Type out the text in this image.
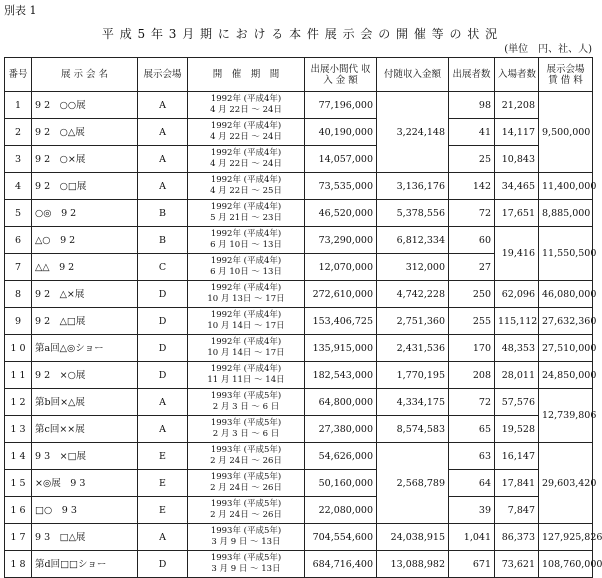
別表 1
平 成 5 年 3 月 期 に お け る 本 件 展 示 会 の 開 催 等 の 状 況
(単位　円、社、人)
番号	展 示 会 名	展示会場	開　催　期　間	出展小間代 収 入 金 額	付随収入金額	出展者数	入場者数	展示会場 賃 借 料
1	9 2　○○展	A	1992年 (平成4年)
4 月 22日 ～ 24日	77,196,000	3,224,148	98	21,208	9,500,000
2	9 2　○△展	A	1992年 (平成4年)
4 月 22日 ～ 24日	40,190,000		41	14,117	
3	9 2　○×展	A	1992年 (平成4年)
4 月 22日 ～ 24日	14,057,000		25	10,843	
4	9 2　○□展	A	1992年 (平成4年)
4 月 22日 ～ 25日	73,535,000	3,136,176	142	34,465	11,400,000
5	○◎　9 2	B	1992年 (平成4年)
5 月 21日 ～ 23日	46,520,000	5,378,556	72	17,651	8,885,000
6	△○　9 2	B	1992年 (平成4年)
6 月 10日 ～ 13日	73,290,000	6,812,334	60	19,416	11,550,500
7	△△　9 2	C	1992年 (平成4年)
6 月 10日 ～ 13日	12,070,000	312,000	27		
8	9 2　△×展	D	1992年 (平成4年)
10 月 13日 ～ 17日	272,610,000	4,742,228	250	62,096	46,080,000
9	9 2　△□展	D	1992年 (平成4年)
10 月 14日 ～ 17日	153,406,725	2,751,360	255	115,112	27,632,360
1 0	第a回△◎ショー	D	1992年 (平成4年)
10 月 14日 ～ 17日	135,915,000	2,431,536	170	48,353	27,510,000
1 1	9 2　×○展	D	1992年 (平成4年)
11 月 11日 ～ 14日	182,543,000	1,770,195	208	28,011	24,850,000
1 2	第b回×△展	A	1993年 (平成5年)
2 月 3 日 ～ 6 日	64,800,000	4,334,175	72	57,576	12,739,806
1 3	第c回××展	A	1993年 (平成5年)
2 月 3 日 ～ 6 日	27,380,000	8,574,583	65	19,528	
1 4	9 3　×□展	E	1993年 (平成5年)
2 月 24日 ～ 26日	54,626,000	2,568,789	63	16,147	29,603,420
1 5	×◎展　9 3	E	1993年 (平成5年)
2 月 24日 ～ 26日	50,160,000		64	17,841	
1 6	□○　9 3	E	1993年 (平成5年)
2 月 24日 ～ 26日	22,080,000		39	7,847	
1 7	9 3　□△展	A	1993年 (平成5年)
3 月 9 日 ～ 13日	704,554,600	24,038,915	1,041	86,373	127,925,826
1 8	第d回□□ショー	D	1993年 (平成5年)
3 月 9 日 ～ 13日	684,716,400	13,088,982	671	73,621	108,760,000
